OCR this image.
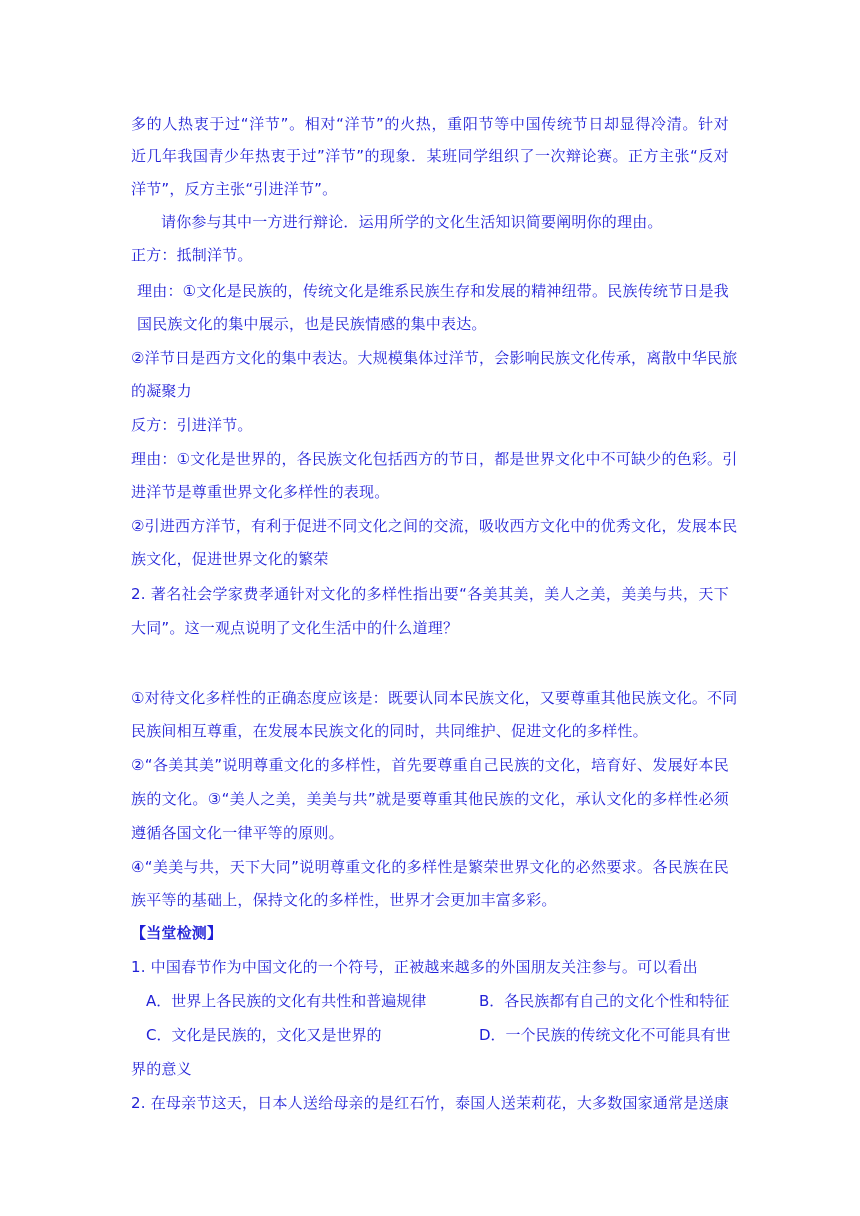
多的人热衷于过“洋节”。相对“洋节”的火热，重阳节等中国传统节日却显得冷清。针对
近几年我国青少年热衷于过”洋节”的现象．某班同学组织了一次辩论赛。正方主张“反对
洋节”，反方主张“引进洋节”。
请你参与其中一方进行辩论．运用所学的文化生活知识简要阐明你的理由。
正方：抵制洋节。
理由：①文化是民族的，传统文化是维系民族生存和发展的精神纽带。民族传统节日是我
国民族文化的集中展示，也是民族情感的集中表达。
②洋节日是西方文化的集中表达。大规模集体过洋节，会影响民族文化传承，离散中华民旅
的凝聚力
反方：引进洋节。
理由：①文化是世界的，各民族文化包括西方的节日，都是世界文化中不可缺少的色彩。引
进洋节是尊重世界文化多样性的表现。
②引进西方洋节，有利于促进不同文化之间的交流，吸收西方文化中的优秀文化，发展本民
族文化，促进世界文化的繁荣
2. 著名社会学家费孝通针对文化的多样性指出要“各美其美，美人之美，美美与共，天下
大同”。这一观点说明了文化生活中的什么道理？
①对待文化多样性的正确态度应该是：既要认同本民族文化，又要尊重其他民族文化。不同
民族间相互尊重，在发展本民族文化的同时，共同维护、促进文化的多样性。
②“各美其美”说明尊重文化的多样性，首先要尊重自己民族的文化，培育好、发展好本民
族的文化。③“美人之美，美美与共”就是要尊重其他民族的文化，承认文化的多样性必须
遵循各国文化一律平等的原则。
④“美美与共，天下大同”说明尊重文化的多样性是繁荣世界文化的必然要求。各民族在民
族平等的基础上，保持文化的多样性，世界才会更加丰富多彩。
【当堂检测】
1. 中国春节作为中国文化的一个符号，正被越来越多的外国朋友关注参与。可以看出
A．世界上各民族的文化有共性和普遍规律	B．各民族都有自己的文化个性和特征
C．文化是民族的，文化又是世界的	D．一个民族的传统文化不可能具有世
界的意义
2. 在母亲节这天，日本人送给母亲的是红石竹，泰国人送茉莉花，大多数国家通常是送康
